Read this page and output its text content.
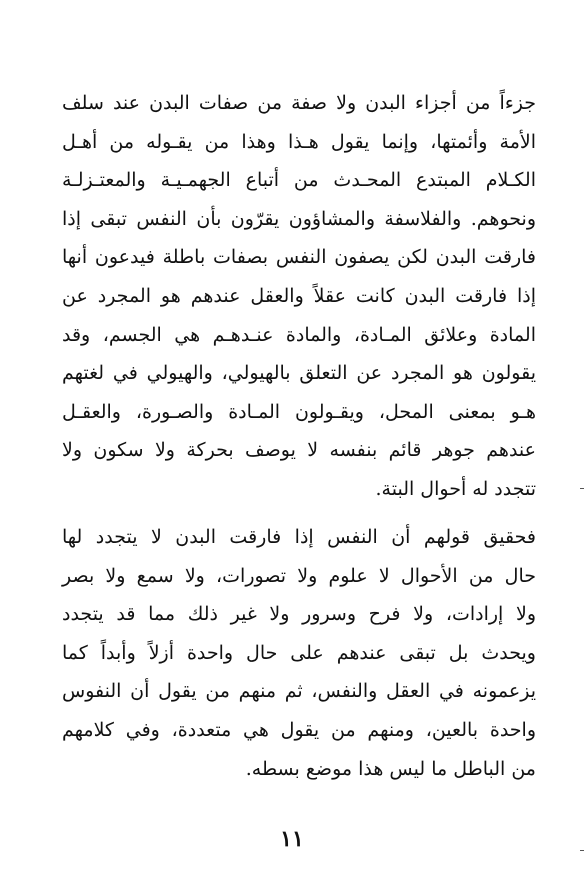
جزءاً من أجزاء البدن ولا صفة من صفات البدن عند سلف
الأمة وأئمتها، وإنما يقول هـذا وهذا من يقـوله من أهـل
الكـلام المبتدع المحـدث من أتباع الجهمـيـة والمعتـزلـة
ونحوهم. والفلاسفة والمشاؤون يقرّون بأن النفس تبقى إذا
فارقت البدن لكن يصفون النفس بصفات باطلة فيدعون أنها
إذا فارقت البدن كانت عقلاً والعقل عندهم هو المجرد عن
المادة وعلائق المـادة، والمادة عنـدهـم هي الجسم، وقد
يقولون هو المجرد عن التعلق بالهيولي، والهيولي في لغتهم
هـو بمعنى المحل، ويقـولون المـادة والصـورة، والعقـل
عندهم جوهر قائم بنفسه لا يوصف بحركة ولا سكون ولا
تتجدد له أحوال البتة.
فحقيق قولهم أن النفس إذا فارقت البدن لا يتجدد لها
حال من الأحوال لا علوم ولا تصورات، ولا سمع ولا بصر
ولا إرادات، ولا فرح وسرور ولا غير ذلك مما قد يتجدد
ويحدث بل تبقى عندهم على حال واحدة أزلاً وأبداً كما
يزعمونه في العقل والنفس، ثم منهم من يقول أن النفوس
واحدة بالعين، ومنهم من يقول هي متعددة، وفي كلامهم
من الباطل ما ليس هذا موضع بسطه.
١١
